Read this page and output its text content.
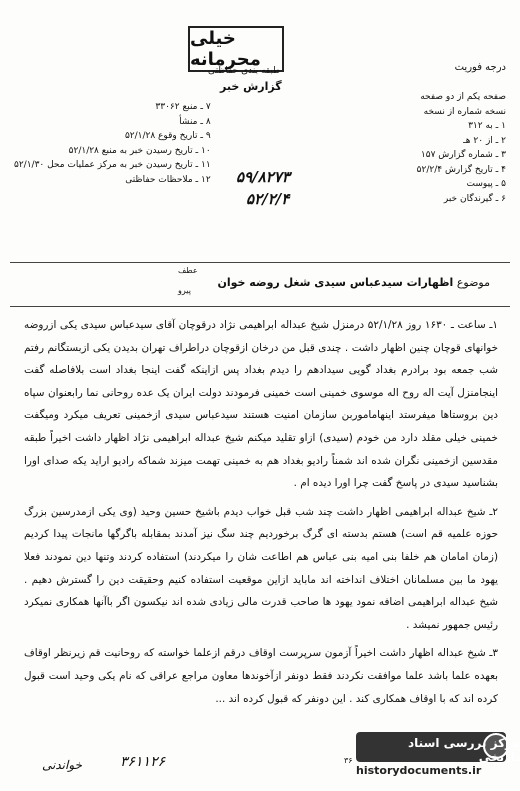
خیلی محرمانه
طبقه بندی حفاظتی
گزارش خبر
درجه فوریت
۷ ـ منبع ۳۳۰۶۲
۸ ـ منشأ
۹ ـ تاریخ وقوع ۵۲/۱/۲۸
۱۰ ـ تاریخ رسیدن خبر به منبع ۵۲/۱/۲۸
۱۱ ـ تاریخ رسیدن خبر به مرکز عملیات محل ۵۲/۱/۳۰
۱۲ ـ ملاحظات حفاظتی
صفحه یکم از دو صفحه
نسخه شماره از نسخه
۱ ـ به ۳۱۲
۲ ـ از ۲۰ هـ
۳ ـ شماره گزارش ۱۵۷
۴ ـ تاریخ گزارش ۵۲/۲/۴
۵ ـ پیوست
۶ ـ گیرندگان خبر
۵۹/۸۲۷۳
۵۲/۲/۴
عطف
پیرو
موضوع اظهارات سیدعباس سیدی شغل روضه خوان

۱ـ ساعت ـ ۱۶۳۰ روز ۵۲/۱/۲۸ درمنزل شیخ عبداله ابراهیمی نژاد درقوچان آقای سیدعباس سیدی یکی ازروضه خوانهای قوچان چنین اظهار داشت . چندی قبل من درخان ازقوچان دراطراف تهران بدیدن یکی ازبستگانم رفتم شب جمعه بود برادرم بغداد گویی سیدادهم را دیدم بغداد پس ازاینکه گفت اینجا بغداد است بلافاصله گفت اینجامنزل آیت اله روح اله موسوی خمینی است خمینی فرمودند دولت ایران یک عده روحانی نما رابعنوان سپاه دین بروستاها میفرستد اینهاماموربن سازمان امنیت هستند سیدعباس سیدی ازخمینی تعریف میکرد ومیگفت خمینی خیلی مقلد دارد من خودم (سیدی) ازاو تقلید میکنم شیخ عبداله ابراهیمی نژاد اظهار داشت اخیراً طبقه مقدسین ازخمینی نگران شده اند شمناً رادیو بغداد هم به خمینی تهمت میزند شماکه رادیو اراید یکه صدای اورا بشناسید سیدی در پاسخ گفت چرا اورا دیده ام .

۲ـ شیخ عبداله ابراهیمی اظهار داشت چند شب قبل خواب دیدم باشیخ حسین وحید (وی یکی ازمدرسین بزرگ حوزه علمیه قم است) هستم بدسته ای گرگ برخوردیم چند سگ نیز آمدند بمقابله باگرگها مانجات پیدا کردیم (زمان امامان هم خلفا بنی امیه بنی عباس هم اطاعت شان را میکردند) استفاده کردند وتنها دین نمودند فعلا یهود ما بین مسلمانان اختلاف انداخته اند ماباید ازاین موقعیت استفاده کنیم وحقیقت دین را گسترش دهیم . شیخ عبداله ابراهیمی اضافه نمود یهود ها صاحب قدرت مالی زیادی شده اند نیکسون اگر باآنها همکاری نمیکرد رئیس جمهور نمیشد .

۳ـ شیخ عبداله اظهار داشت اخیراً آزمون سرپرست اوقاف درقم ازعلما خواسته که روحانیت قم زیرنظر اوقاف بعهده علما باشد علما موافقت نکردند فقط دونفر ازآخوندها معاون مراجع عراقی که نام یکی وحید است قبول کرده اند که با اوقاف همکاری کند . این دونفر که قبول کرده اند ...

خواندنی	۳۶۱۱۲۶	۳۶
مرکز بررسی اسناد تاریخی
historydocuments.ir
